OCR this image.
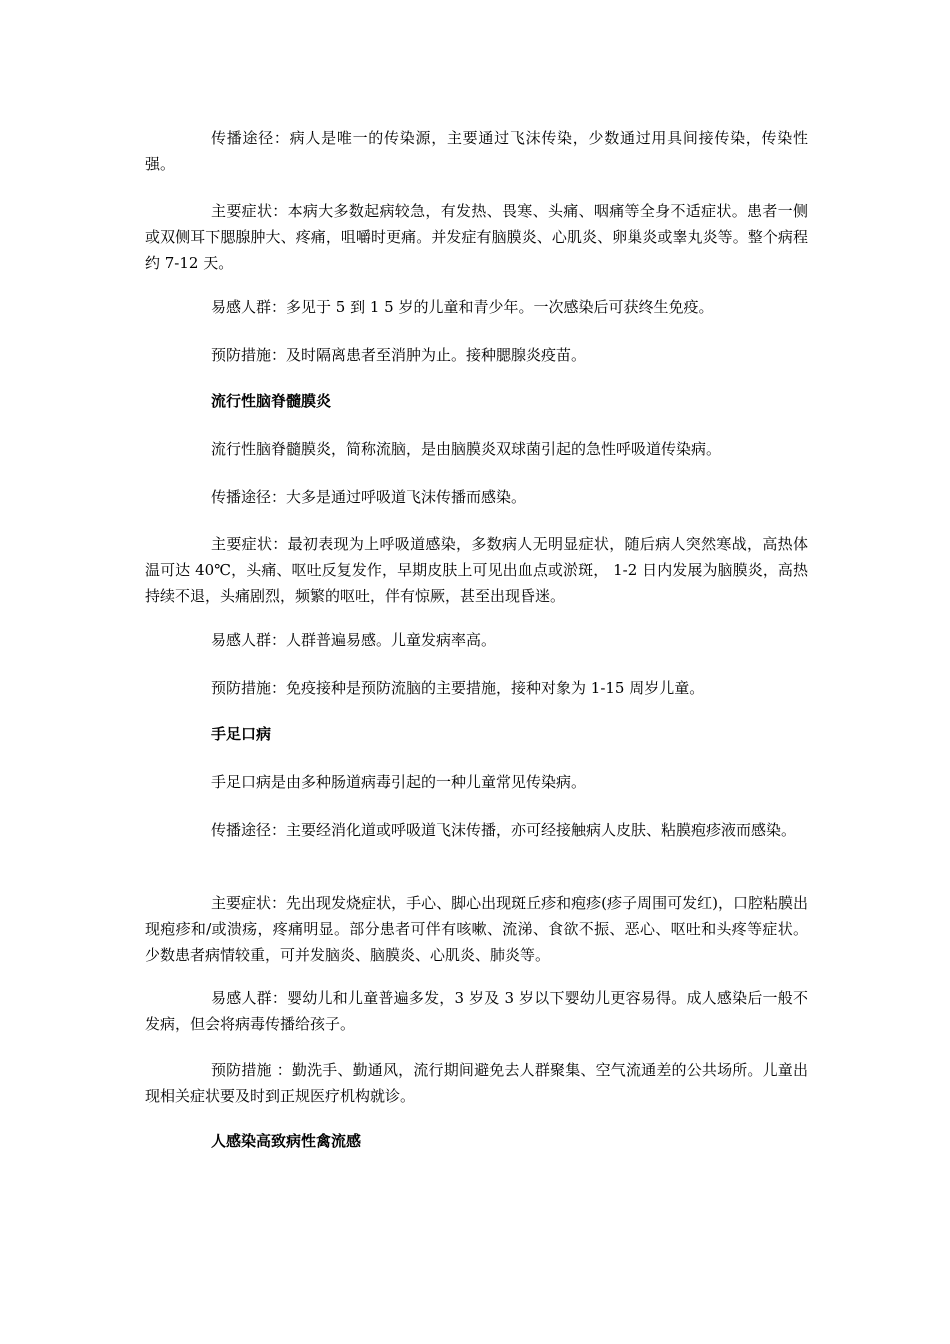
传播途径：病人是唯一的传染源，主要通过飞沫传染，少数通过用具间接传染，传染性强。

主要症状：本病大多数起病较急，有发热、畏寒、头痛、咽痛等全身不适症状。患者一侧或双侧耳下腮腺肿大、疼痛，咀嚼时更痛。并发症有脑膜炎、心肌炎、卵巢炎或睾丸炎等。整个病程约 7-12 天。

易感人群：多见于 5 到 1 5 岁的儿童和青少年。一次感染后可获终生免疫。

预防措施：及时隔离患者至消肿为止。接种腮腺炎疫苗。

流行性脑脊髓膜炎

流行性脑脊髓膜炎，简称流脑，是由脑膜炎双球菌引起的急性呼吸道传染病。

传播途径：大多是通过呼吸道飞沫传播而感染。

主要症状：最初表现为上呼吸道感染，多数病人无明显症状，随后病人突然寒战，高热体温可达 40℃，头痛、呕吐反复发作，早期皮肤上可见出血点或淤斑， 1-2 日内发展为脑膜炎，高热持续不退，头痛剧烈，频繁的呕吐，伴有惊厥，甚至出现昏迷。

易感人群：人群普遍易感。儿童发病率高。

预防措施：免疫接种是预防流脑的主要措施，接种对象为 1-15 周岁儿童。

手足口病

手足口病是由多种肠道病毒引起的一种儿童常见传染病。

传播途径：主要经消化道或呼吸道飞沫传播，亦可经接触病人皮肤、粘膜疱疹液而感染。

主要症状：先出现发烧症状，手心、脚心出现斑丘疹和疱疹(疹子周围可发红)，口腔粘膜出现疱疹和/或溃疡，疼痛明显。部分患者可伴有咳嗽、流涕、食欲不振、恶心、呕吐和头疼等症状。少数患者病情较重，可并发脑炎、脑膜炎、心肌炎、肺炎等。

易感人群：婴幼儿和儿童普遍多发，3 岁及 3 岁以下婴幼儿更容易得。成人感染后一般不发病，但会将病毒传播给孩子。

预防措施 ：勤洗手、勤通风，流行期间避免去人群聚集、空气流通差的公共场所。儿童出现相关症状要及时到正规医疗机构就诊。

人感染高致病性禽流感
